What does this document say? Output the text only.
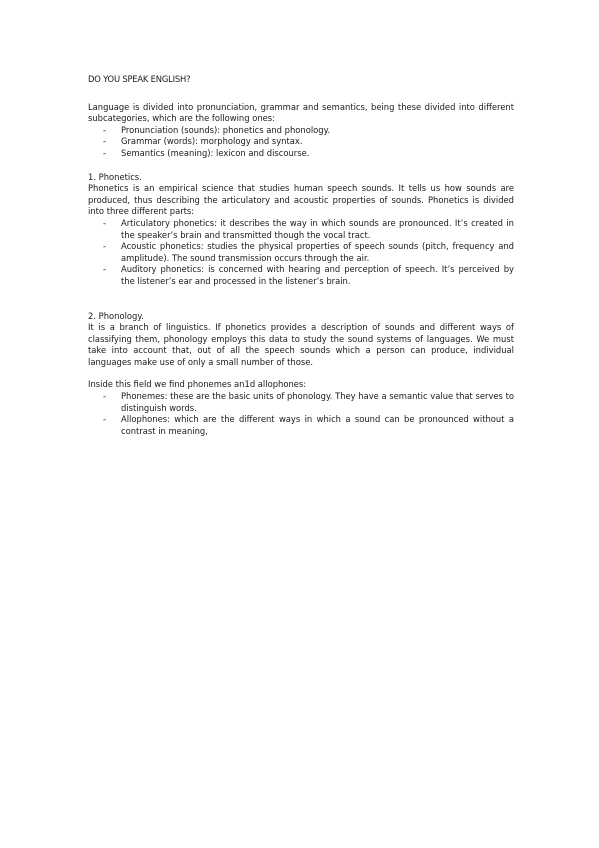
DO YOU SPEAK ENGLISH?

Language is divided into pronunciation, grammar and semantics, being these divided into different subcategories, which are the following ones:

- Pronunciation (sounds): phonetics and phonology.
- Grammar (words): morphology and syntax.
- Semantics (meaning): lexicon and discourse.

1. Phonetics.

Phonetics is an empirical science that studies human speech sounds. It tells us how sounds are produced, thus describing the articulatory and acoustic properties of sounds. Phonetics is divided into three different parts:

- Articulatory phonetics: it describes the way in which sounds are pronounced. It’s created in the speaker’s brain and transmitted though the vocal tract.
- Acoustic phonetics: studies the physical properties of speech sounds (pitch, frequency and amplitude). The sound transmission occurs through the air.
- Auditory phonetics: is concerned with hearing and perception of speech. It’s perceived by the listener’s ear and processed in the listener’s brain.

2. Phonology.

It is a branch of linguistics. If phonetics provides a description of sounds and different ways of classifying them, phonology employs this data to study the sound systems of languages. We must take into account that, out of all the speech sounds which a person can produce, individual languages make use of only a small number of those.

Inside this field we find phonemes an1d allophones:

- Phonemes: these are the basic units of phonology. They have a semantic value that serves to distinguish words.
- Allophones: which are the different ways in which a sound can be pronounced without a contrast in meaning,
